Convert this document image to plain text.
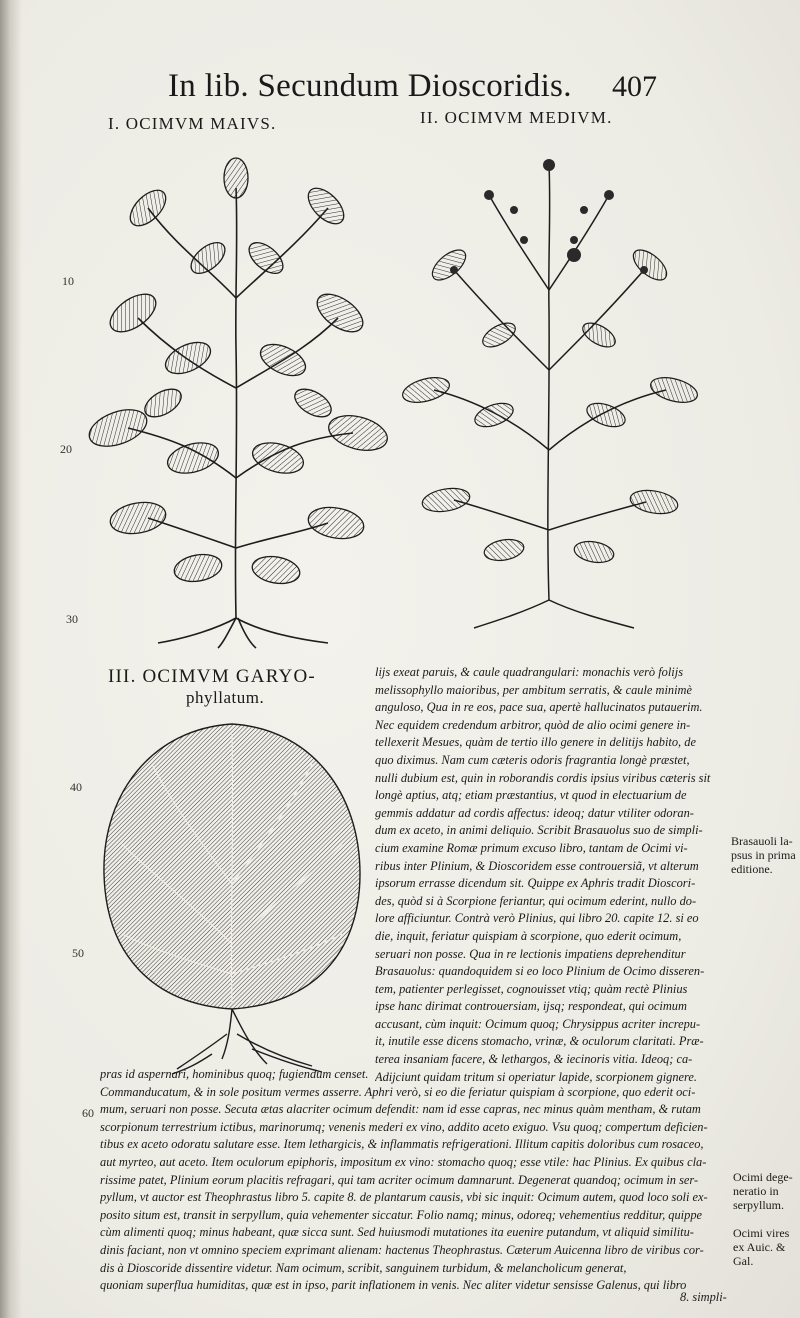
In lib. Secundum Dioscoridis. 407
I. OCIMVM MAIVS.	II. OCIMVM MEDIVM.
III. OCIMVM GARYO-
phyllatum.
10
20
30
40
50
60
lijs exeat paruis, & caule quadrangulari: monachis verò folijs
melissophyllo maioribus, per ambitum serratis, & caule minimè
anguloso, Qua in re eos, pace sua, apertè hallucinatos putauerim.
Nec equidem credendum arbitror, quòd de alio ocimi genere in-
tellexerit Mesues, quàm de tertio illo genere in delitijs habito, de
quo diximus. Nam cum cæteris odoris fragrantia longè præstet,
nulli dubium est, quin in roborandis cordis ipsius viribus cæteris sit
longè aptius, atq; etiam præstantius, vt quod in electuarium de
gemmis addatur ad cordis affectus: ideoq; datur vtiliter odoran-
dum ex aceto, in animi deliquio. Scribit Brasauolus suo de simpli-
cium examine Romæ primum excuso libro, tantam de Ocimi vi-
ribus inter Plinium, & Dioscoridem esse controuersiã, vt alterum
ipsorum errasse dicendum sit. Quippe ex Aphris tradit Dioscori-
des, quòd si à Scorpione feriantur, qui ocimum ederint, nullo do-
lore afficiuntur. Contrà verò Plinius, qui libro 20. capite 12. si eo
die, inquit, feriatur quispiam à scorpione, quo ederit ocimum,
seruari non posse. Qua in re lectionis impatiens deprehenditur
Brasauolus: quandoquidem si eo loco Plinium de Ocimo disseren-
tem, patienter perlegisset, cognouisset vtiq; quàm rectè Plinius
ipse hanc dirimat controuersiam, ijsq; respondeat, qui ocimum
accusant, cùm inquit: Ocimum quoq; Chrysippus acriter increpu-
it, inutile esse dicens stomacho, vrinæ, & oculorum claritati. Præ-
terea insaniam facere, & lethargos, & iecinoris vitia. Ideoq; ca-
Adijciunt quidam tritum si operiatur lapide, scorpionem gignere.
pras id aspernari, hominibus quoq; fugiendum censet.
Commanducatum, & in sole positum vermes asserre. Aphri verò, si eo die feriatur quispiam à scorpione, quo ederit oci-
mum, seruari non posse. Secuta ætas alacriter ocimum defendit: nam id esse capras, nec minus quàm mentham, & rutam
scorpionum terrestrium ictibus, marinorumq; venenis mederi ex vino, addito aceto exiguo. Vsu quoq; compertum deficien-
tibus ex aceto odoratu salutare esse. Item lethargicis, & inflammatis refrigerationi. Illitum capitis doloribus cum rosaceo,
aut myrteo, aut aceto. Item oculorum epiphoris, impositum ex vino: stomacho quoq; esse vtile: hac Plinius. Ex quibus cla-
rissime patet, Plinium eorum placitis refragari, qui tam acriter ocimum damnarunt. Degenerat quandoq; ocimum in ser-
pyllum, vt auctor est Theophrastus libro 5. capite 8. de plantarum causis, vbi sic inquit: Ocimum autem, quod loco soli ex-
posito situm est, transit in serpyllum, quia vehementer siccatur. Folio namq; minus, odoreq; vehementius redditur, quippe
cùm alimenti quoq; minus habeant, quæ sicca sunt. Sed huiusmodi mutationes ita euenire putandum, vt aliquid similitu-
dinis faciant, non vt omnino speciem exprimant alienam: hactenus Theophrastus. Cæterum Auicenna libro de viribus cor-
dis à Dioscoride dissentire videtur. Nam ocimum, scribit, sanguinem turbidum, & melancholicum generat,
quoniam superflua humiditas, quæ est in ipso, parit inflationem in venis. Nec aliter videtur sensisse Galenus, qui libro
8. simpli-
Brasauoli la-
psus in prima
editione.
Ocimi dege-
neratio in
serpyllum.
Ocimi vires
ex Auic. &
Gal.
